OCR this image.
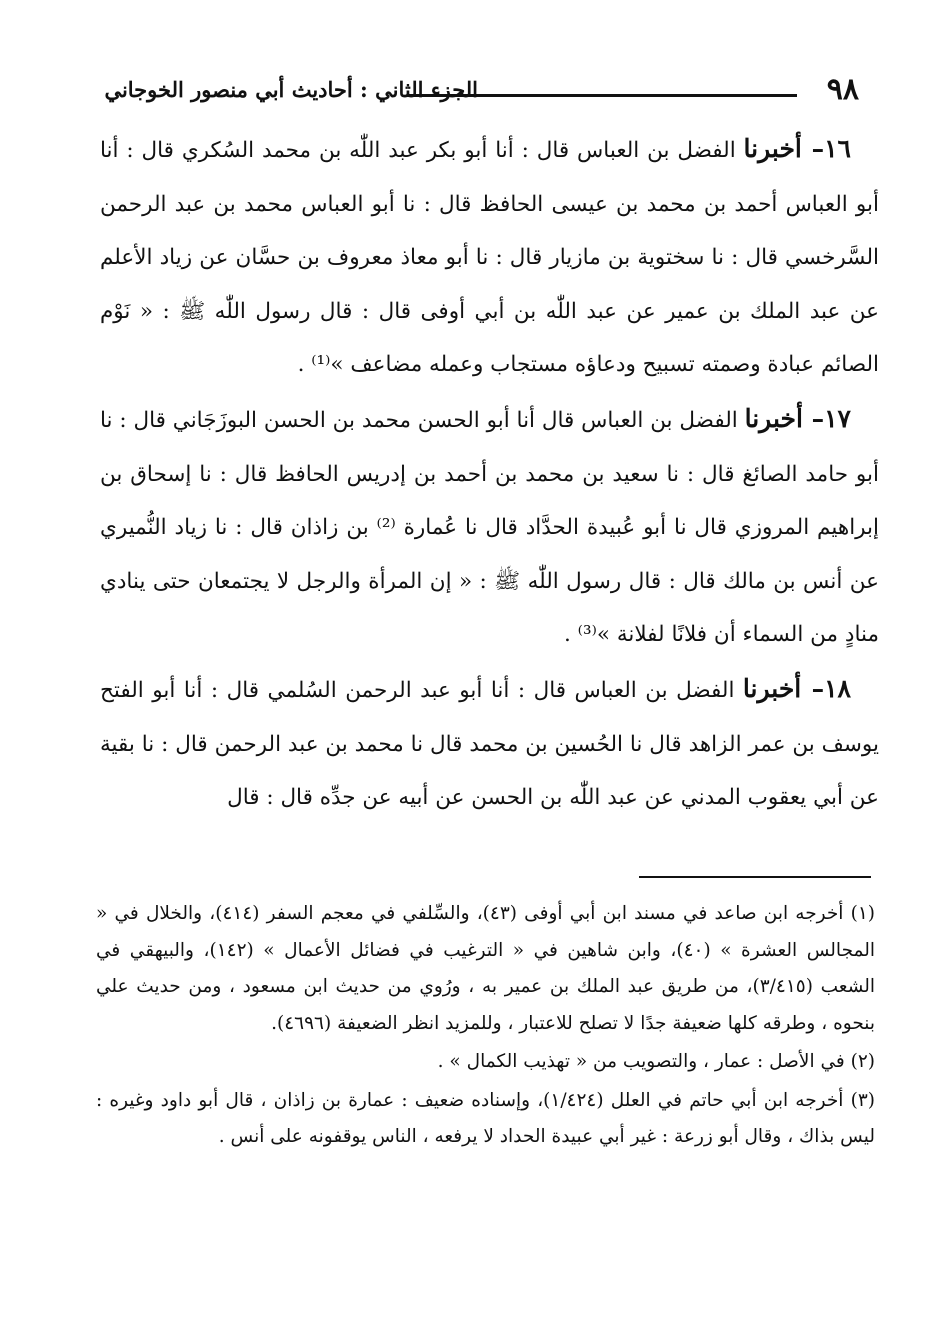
٩٨
الجزء الثاني : أحاديث أبي منصور الخوجاني

١٦– أخبرنا الفضل بن العباس قال : أنا أبو بكر عبد اللّٰه بن محمد السُكري قال : أنا أبو العباس أحمد بن محمد بن عيسى الحافظ قال : نا أبو العباس محمد بن عبد الرحمن السَّرخسي قال : نا سختوية بن مازيار قال : نا أبو معاذ معروف بن حسَّان عن زياد الأعلم عن عبد الملك بن عمير عن عبد اللّٰه بن أبي أوفى قال : قال رسول اللّٰه ﷺ : « نَوْم الصائم عبادة وصمته تسبيح ودعاؤه مستجاب وعمله مضاعف »⁽¹⁾ .

١٧– أخبرنا الفضل بن العباس قال أنا أبو الحسن محمد بن الحسن البوزَجَاني قال : نا أبو حامد الصائغ قال : نا سعيد بن محمد بن أحمد بن إدريس الحافظ قال : نا إسحاق بن إبراهيم المروزي قال نا أبو عُبيدة الحدَّاد قال نا عُمارة ⁽²⁾ بن زاذان قال : نا زياد النُّميري عن أنس بن مالك قال : قال رسول اللّٰه ﷺ : « إن المرأة والرجل لا يجتمعان حتى ينادي منادٍ من السماء أن فلانًا لفلانة »⁽³⁾ .

١٨– أخبرنا الفضل بن العباس قال : أنا أبو عبد الرحمن السُلمي قال : أنا أبو الفتح يوسف بن عمر الزاهد قال نا الحُسين بن محمد قال نا محمد بن عبد الرحمن قال : نا بقية عن أبي يعقوب المدني عن عبد اللّٰه بن الحسن عن أبيه عن جدِّه قال : قال

(١) أخرجه ابن صاعد في مسند ابن أبي أوفى (٤٣)، والسِّلفي في معجم السفر (٤١٤)، والخلال في « المجالس العشرة » (٤٠)، وابن شاهين في « الترغيب في فضائل الأعمال » (١٤٢)، والبيهقي في الشعب (٣/٤١٥)، من طريق عبد الملك بن عمير به ، ورُوي من حديث ابن مسعود ، ومن حديث علي بنحوه ، وطرقه كلها ضعيفة جدًا لا تصلح للاعتبار ، وللمزيد انظر الضعيفة (٤٦٩٦).

(٢) في الأصل : عمار ، والتصويب من « تهذيب الكمال » .

(٣) أخرجه ابن أبي حاتم في العلل (١/٤٢٤)، وإسناده ضعيف : عمارة بن زاذان ، قال أبو داود وغيره : ليس بذاك ، وقال أبو زرعة : غير أبي عبيدة الحداد لا يرفعه ، الناس يوقفونه على أنس .
